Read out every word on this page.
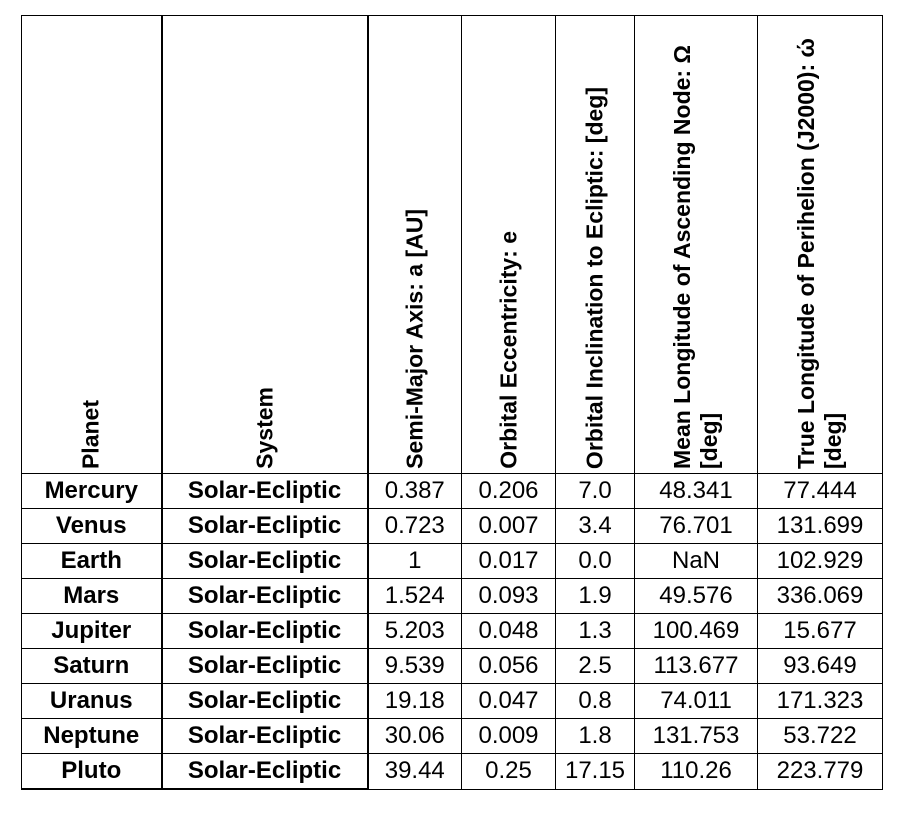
Planet	System	Semi-Major Axis: a [AU]	Orbital Eccentricity: e	Orbital Inclination to Ecliptic: [deg]	Mean Longitude of Ascending Node: Ω [deg]	True Longitude of Perihelion (J2000): ώ [deg]

Mercury	Solar-Ecliptic	0.387	0.206	7.0	48.341	77.444
Venus	Solar-Ecliptic	0.723	0.007	3.4	76.701	131.699
Earth	Solar-Ecliptic	1	0.017	0.0	NaN	102.929
Mars	Solar-Ecliptic	1.524	0.093	1.9	49.576	336.069
Jupiter	Solar-Ecliptic	5.203	0.048	1.3	100.469	15.677
Saturn	Solar-Ecliptic	9.539	0.056	2.5	113.677	93.649
Uranus	Solar-Ecliptic	19.18	0.047	0.8	74.011	171.323
Neptune	Solar-Ecliptic	30.06	0.009	1.8	131.753	53.722
Pluto	Solar-Ecliptic	39.44	0.25	17.15	110.26	223.779
